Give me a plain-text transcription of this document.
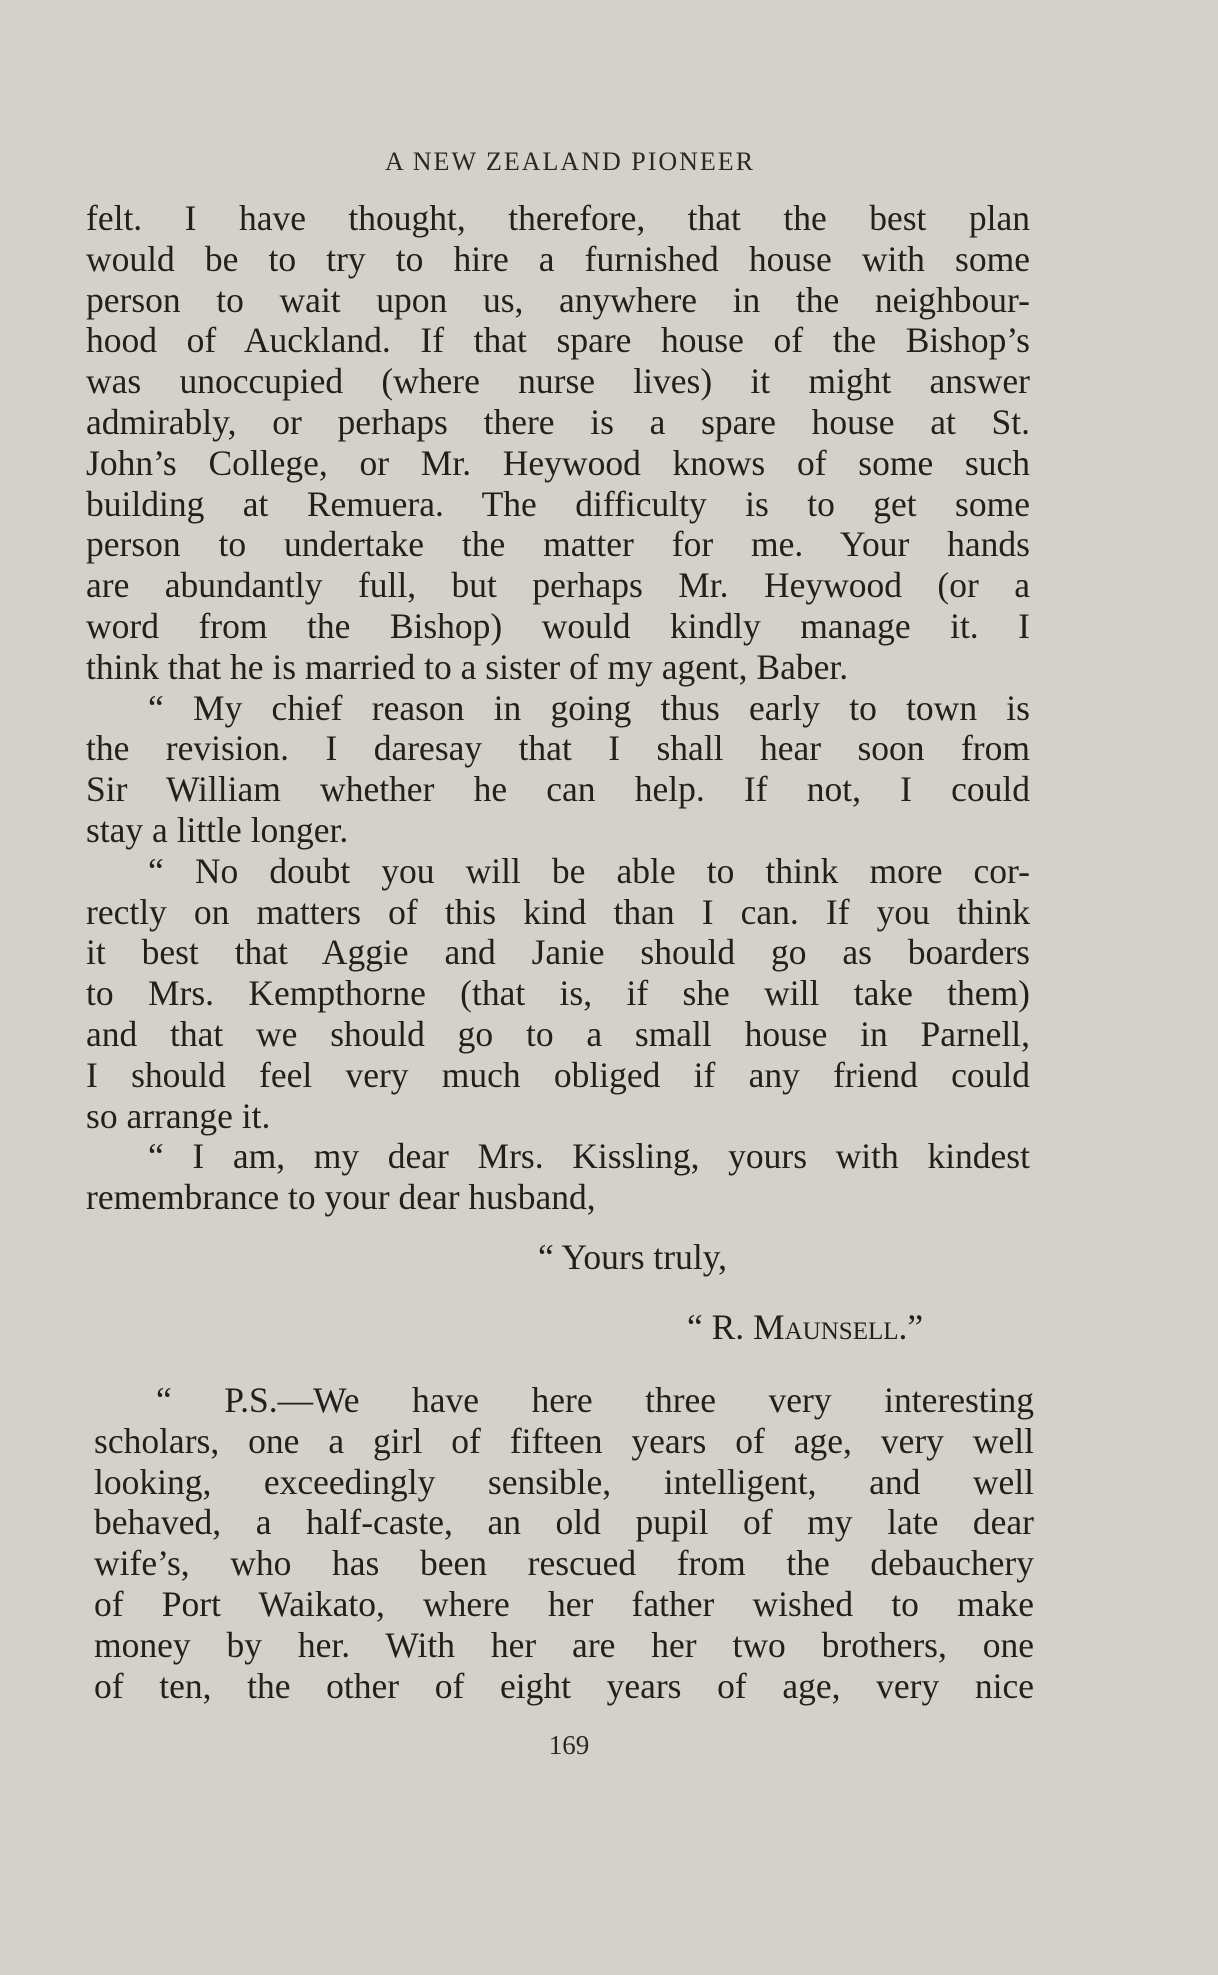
A NEW ZEALAND PIONEER
felt. I have thought, therefore, that the best plan
would be to try to hire a furnished house with some
person to wait upon us, anywhere in the neighbour-
hood of Auckland. If that spare house of the Bishop’s
was unoccupied (where nurse lives) it might answer
admirably, or perhaps there is a spare house at St.
John’s College, or Mr. Heywood knows of some such
building at Remuera. The difficulty is to get some
person to undertake the matter for me. Your hands
are abundantly full, but perhaps Mr. Heywood (or a
word from the Bishop) would kindly manage it. I
think that he is married to a sister of my agent, Baber.
“ My chief reason in going thus early to town is
the revision. I daresay that I shall hear soon from
Sir William whether he can help. If not, I could
stay a little longer.
“ No doubt you will be able to think more cor-
rectly on matters of this kind than I can. If you think
it best that Aggie and Janie should go as boarders
to Mrs. Kempthorne (that is, if she will take them)
and that we should go to a small house in Parnell,
I should feel very much obliged if any friend could
so arrange it.
“ I am, my dear Mrs. Kissling, yours with kindest
remembrance to your dear husband,
“ Yours truly,
“ R. Maunsell.”
“ P.S.—We have here three very interesting
scholars, one a girl of fifteen years of age, very well
looking, exceedingly sensible, intelligent, and well
behaved, a half-caste, an old pupil of my late dear
wife’s, who has been rescued from the debauchery
of Port Waikato, where her father wished to make
money by her. With her are her two brothers, one
of ten, the other of eight years of age, very nice
169
